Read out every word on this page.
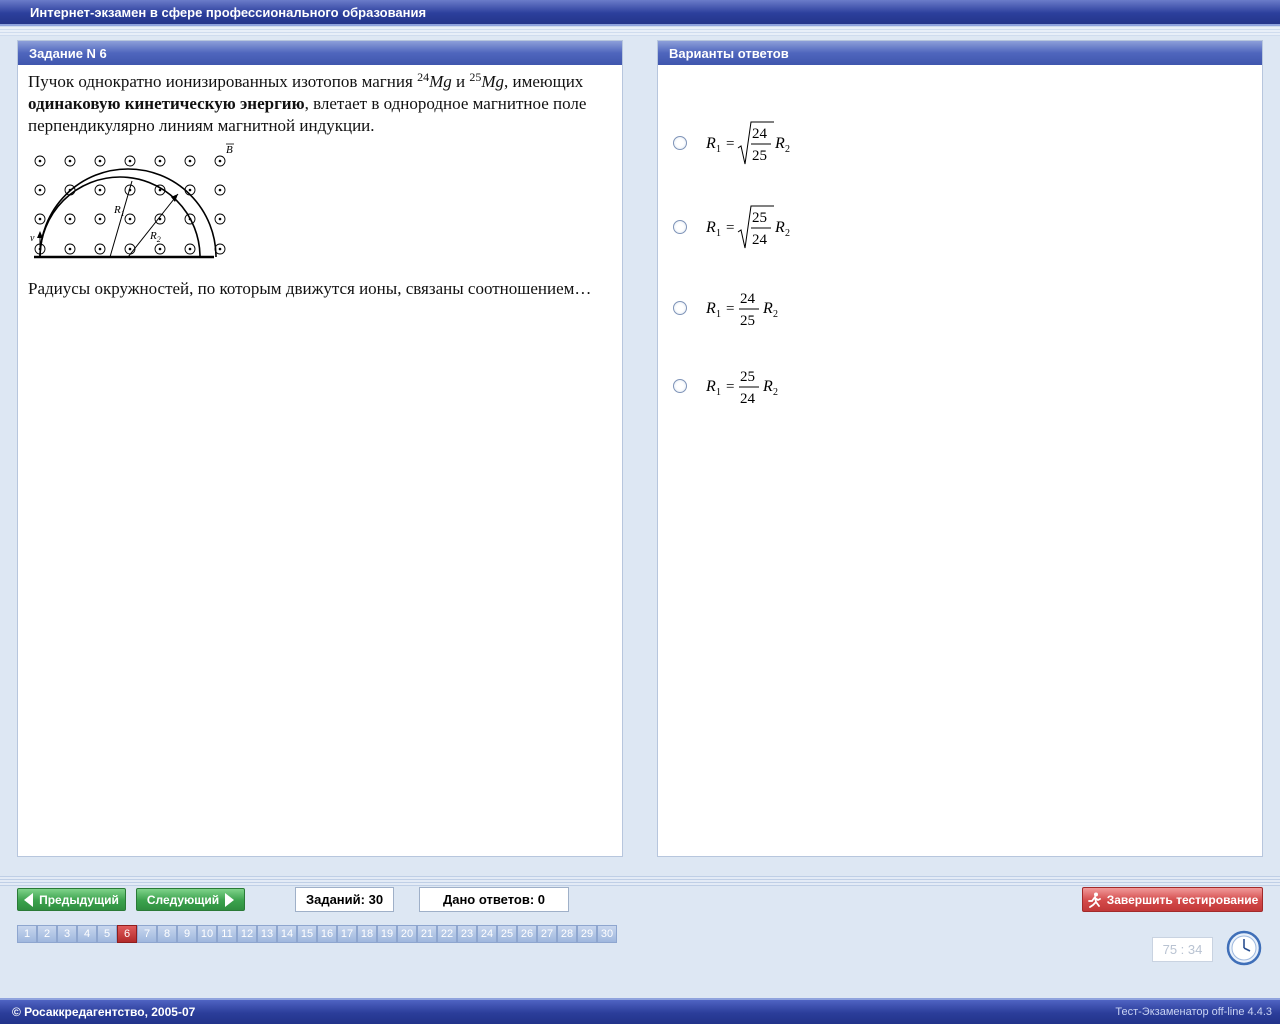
Интернет-экзамен в сфере профессионального образования
Задание N 6
Пучок однократно ионизированных изотопов магния $^{24}$Mg и $^{25}$Mg, имеющих одинаковую кинетическую энергию, влетает в однородное магнитное поле перпендикулярно линиям магнитной индукции.
$R_1$
$R_2$
B
v
Радиусы окружностей, по которым движутся ионы, связаны соотношением…
Варианты ответов
R 1 =
24
25
R 2
R 1 =
25
24
R 2
R 1 =
24
25
R 2
R 1 =
25
24
R 2
Предыдущий Следующий	Заданий: 30	Дано ответов: 0	Завершить тестирование
1	2	3	4	5	6	7	8	9 10 11 12 13 14 15 16 17 18 19 20 21 22 23 24 25 26 27 28 29 30
75 : 34
© Росаккредагентство, 2005-07	Тест-Экзаменатор off-line 4.4.3
